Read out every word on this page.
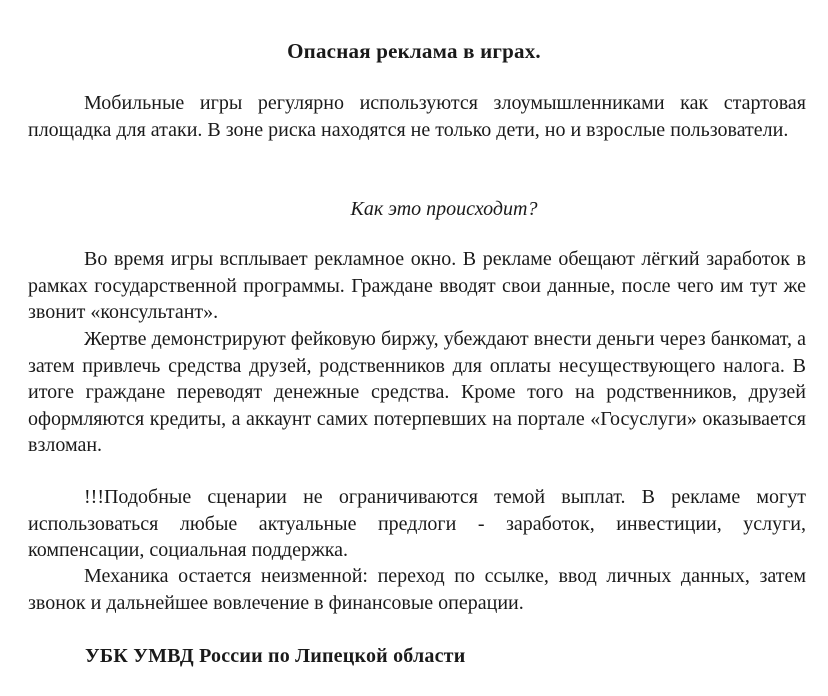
Опасная реклама в играх.

Мобильные игры регулярно используются злоумышленниками как стартовая площадка для атаки. В зоне риска находятся не только дети, но и взрослые пользователи.

Как это происходит?

Во время игры всплывает рекламное окно. В рекламе обещают лёгкий заработок в рамках государственной программы. Граждане вводят свои данные, после чего им тут же звонит «консультант».

Жертве демонстрируют фейковую биржу, убеждают внести деньги через банкомат, а затем привлечь средства друзей, родственников для оплаты несуществующего налога. В итоге граждане переводят денежные средства. Кроме того на родственников, друзей оформляются кредиты, а аккаунт самих потерпевших на портале «Госуслуги» оказывается взломан.

!!!Подобные сценарии не ограничиваются темой выплат. В рекламе могут использоваться любые актуальные предлоги - заработок, инвестиции, услуги, компенсации, социальная поддержка.

Механика остается неизменной: переход по ссылке, ввод личных данных, затем звонок и дальнейшее вовлечение в финансовые операции.

УБК УМВД России по Липецкой области
